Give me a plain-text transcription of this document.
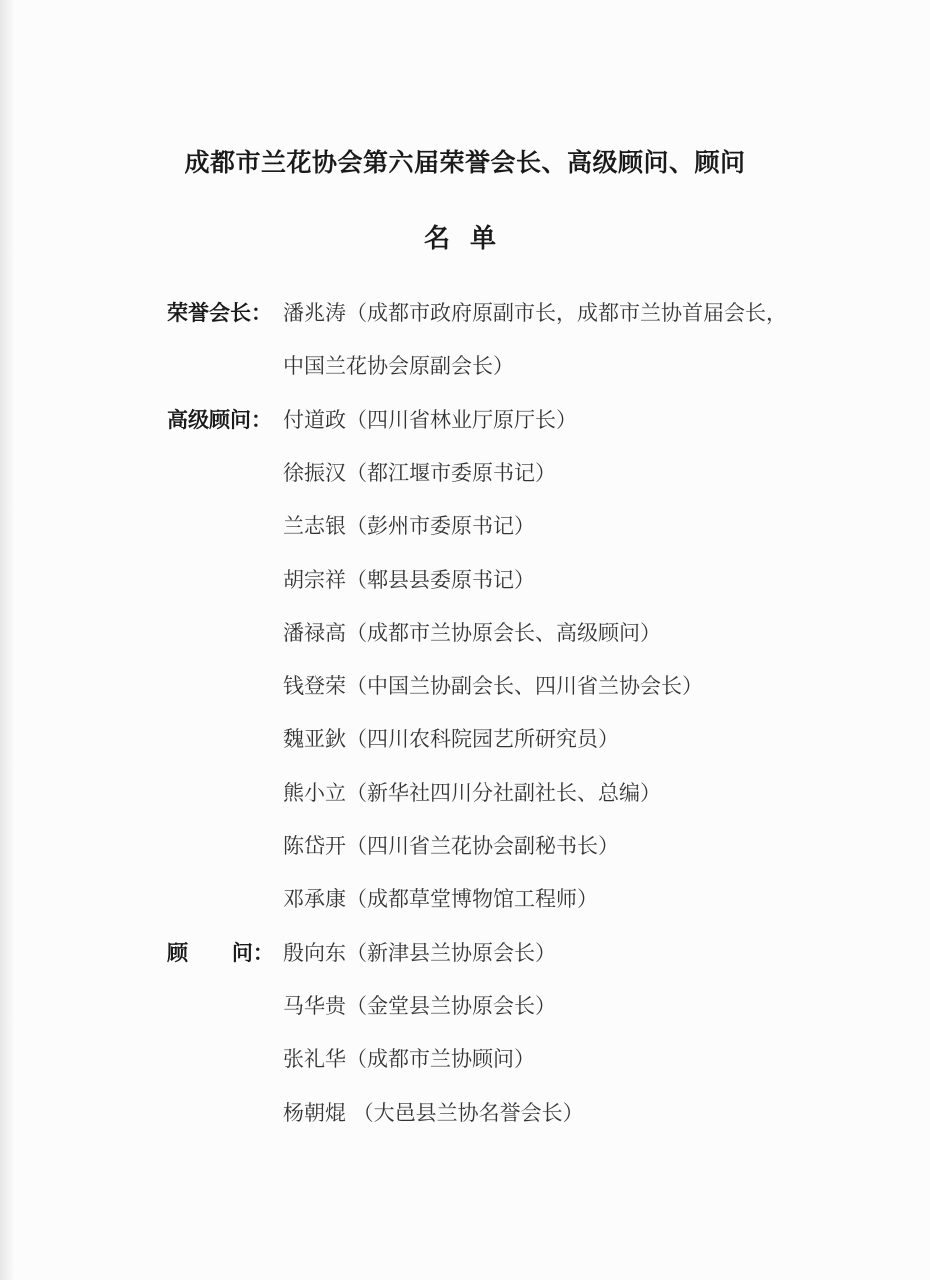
成都市兰花协会第六届荣誉会长、高级顾问、顾问
名单
荣誉会长： 潘兆涛（成都市政府原副市长，成都市兰协首届会长，
中国兰花协会原副会长）
高级顾问： 付道政（四川省林业厅原厅长）
徐振汉（都江堰市委原书记）
兰志银（彭州市委原书记）
胡宗祥（郫县县委原书记）
潘禄高（成都市兰协原会长、高级顾问）
钱登荣（中国兰协副会长、四川省兰协会长）
魏亚鈥（四川农科院园艺所研究员）
熊小立（新华社四川分社副社长、总编）
陈岱开（四川省兰花协会副秘书长）
邓承康（成都草堂博物馆工程师）
顾      问： 殷向东（新津县兰协原会长）
马华贵（金堂县兰协原会长）
张礼华（成都市兰协顾问）
杨朝焜 （大邑县兰协名誉会长）
